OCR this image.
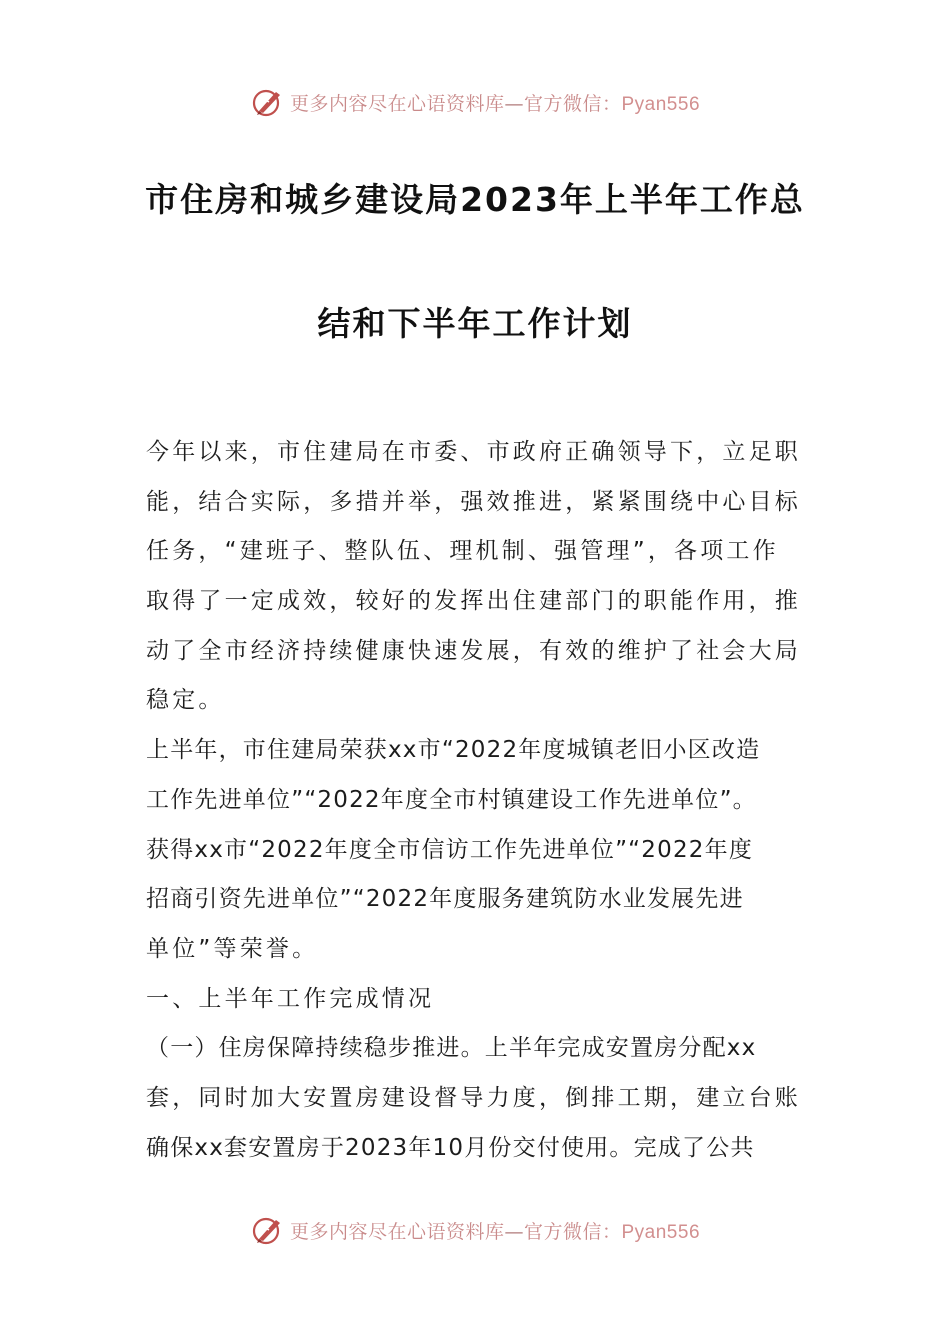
更多内容尽在心语资料库—官方微信：Pyan556
市住房和城乡建设局2023年上半年工作总
结和下半年工作计划
今年以来，市住建局在市委、市政府正确领导下，立足职
能，结合实际，多措并举，强效推进，紧紧围绕中心目标
任务，“建班子、整队伍、理机制、强管理”，各项工作
取得了一定成效，较好的发挥出住建部门的职能作用，推
动了全市经济持续健康快速发展，有效的维护了社会大局
稳定。
上半年，市住建局荣获xx市“2022年度城镇老旧小区改造
工作先进单位”“2022年度全市村镇建设工作先进单位”。
获得xx市“2022年度全市信访工作先进单位”“2022年度
招商引资先进单位”“2022年度服务建筑防水业发展先进
单位”等荣誉。
一、上半年工作完成情况
（一）住房保障持续稳步推进。上半年完成安置房分配xx
套，同时加大安置房建设督导力度，倒排工期，建立台账
确保xx套安置房于2023年10月份交付使用。完成了公共
更多内容尽在心语资料库—官方微信：Pyan556
